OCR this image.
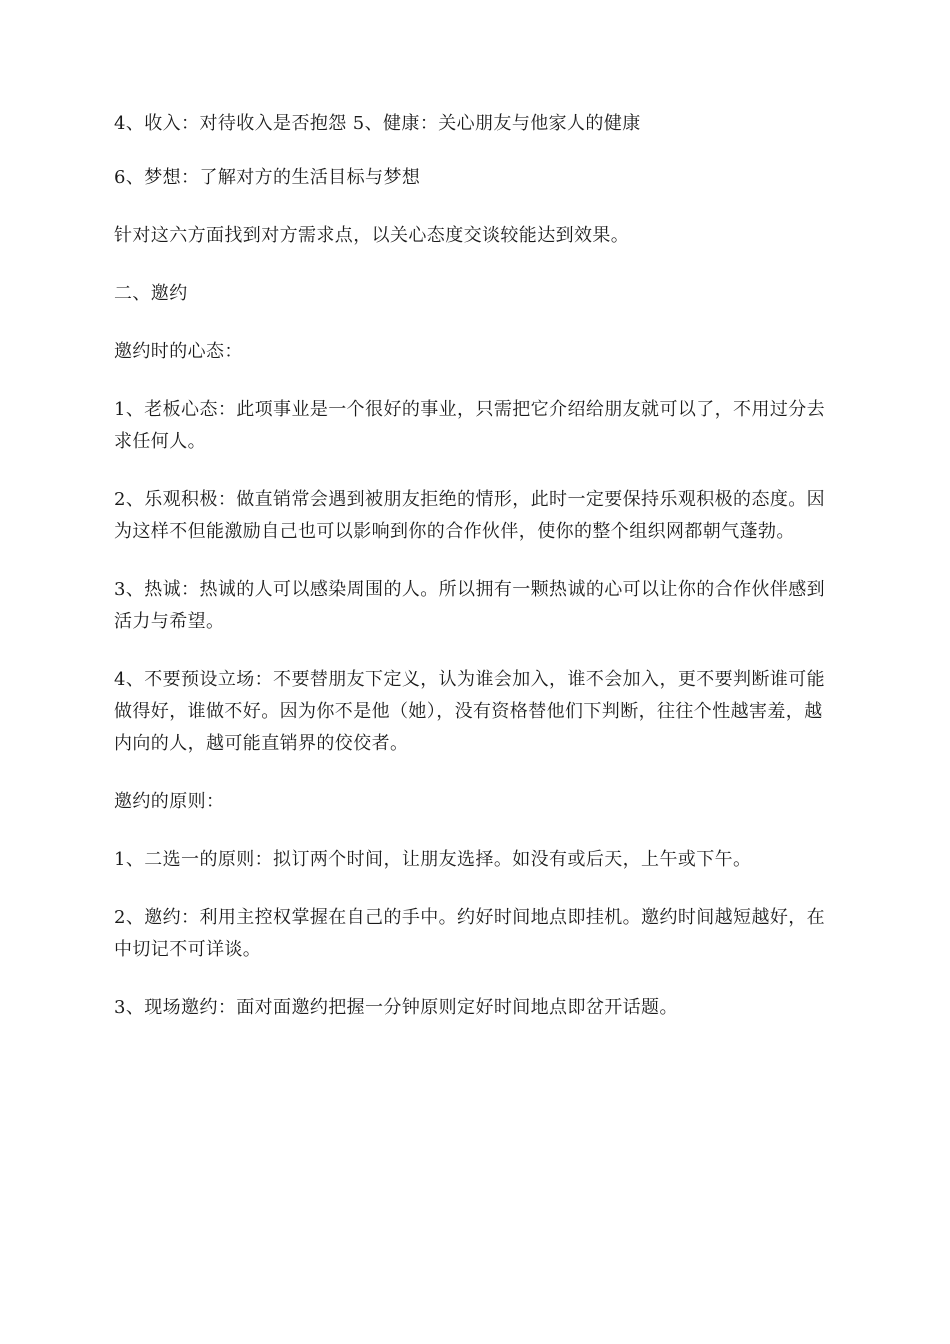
4、收入：对待收入是否抱怨 5、健康：关心朋友与他家人的健康

6、梦想：了解对方的生活目标与梦想

针对这六方面找到对方需求点，以关心态度交谈较能达到效果。

二、邀约

邀约时的心态：

1、老板心态：此项事业是一个很好的事业，只需把它介绍给朋友就可以了，不用过分去求任何人。

2、乐观积极：做直销常会遇到被朋友拒绝的情形，此时一定要保持乐观积极的态度。因为这样不但能激励自己也可以影响到你的合作伙伴，使你的整个组织网都朝气蓬勃。

3、热诚：热诚的人可以感染周围的人。所以拥有一颗热诚的心可以让你的合作伙伴感到活力与希望。

4、不要预设立场：不要替朋友下定义，认为谁会加入，谁不会加入，更不要判断谁可能做得好，谁做不好。因为你不是他（她），没有资格替他们下判断，往往个性越害羞，越内向的人，越可能直销界的佼佼者。

邀约的原则：

1、二选一的原则：拟订两个时间，让朋友选择。如没有或后天，上午或下午。

2、邀约：利用主控权掌握在自己的手中。约好时间地点即挂机。邀约时间越短越好，在中切记不可详谈。

3、现场邀约：面对面邀约把握一分钟原则定好时间地点即岔开话题。
